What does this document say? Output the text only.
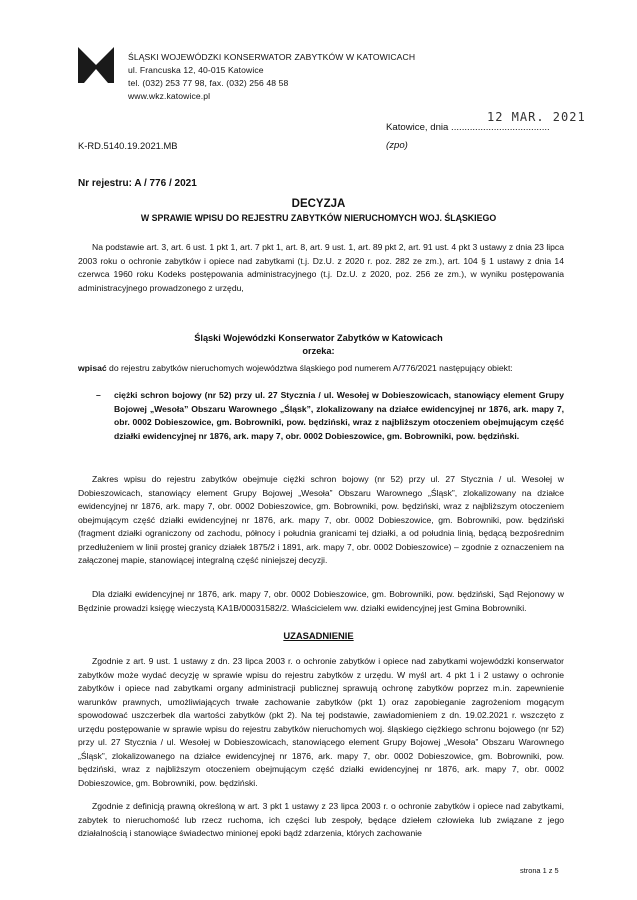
ŚLĄSKI WOJEWÓDZKI KONSERWATOR ZABYTKÓW W KATOWICACH
ul. Francuska 12, 40-015 Katowice
tel. (032) 253 77 98, fax. (032) 256 48 58
www.wkz.katowice.pl
12 MAR. 2021
Katowice, dnia .....................................
K-RD.5140.19.2021.MB	(zpo)
Nr rejestru: A / 776 / 2021
DECYZJA
W SPRAWIE WPISU DO REJESTRU ZABYTKÓW NIERUCHOMYCH WOJ. ŚLĄSKIEGO
Na podstawie art. 3, art. 6 ust. 1 pkt 1, art. 7 pkt 1, art. 8, art. 9 ust. 1, art. 89 pkt 2, art. 91 ust. 4 pkt 3 ustawy z dnia 23 lipca 2003 roku o ochronie zabytków i opiece nad zabytkami (t.j. Dz.U. z 2020 r. poz. 282 ze zm.), art. 104 § 1 ustawy z dnia 14 czerwca 1960 roku Kodeks postępowania administracyjnego (t.j. Dz.U. z 2020, poz. 256 ze zm.), w wyniku postępowania administracyjnego prowadzonego z urzędu,
Śląski Wojewódzki Konserwator Zabytków w Katowicach
orzeka:
wpisać do rejestru zabytków nieruchomych województwa śląskiego pod numerem A/776/2021 następujący obiekt:
–	ciężki schron bojowy (nr 52) przy ul. 27 Stycznia / ul. Wesołej w Dobieszowicach, stanowiący element Grupy Bojowej „Wesoła” Obszaru Warownego „Śląsk”, zlokalizowany na działce ewidencyjnej nr 1876, ark. mapy 7, obr. 0002 Dobieszowice, gm. Bobrowniki, pow. będziński, wraz z najbliższym otoczeniem obejmującym część działki ewidencyjnej nr 1876, ark. mapy 7, obr. 0002 Dobieszowice, gm. Bobrowniki, pow. będziński.
Zakres wpisu do rejestru zabytków obejmuje ciężki schron bojowy (nr 52) przy ul. 27 Stycznia / ul. Wesołej w Dobieszowicach, stanowiący element Grupy Bojowej „Wesoła” Obszaru Warownego „Śląsk”, zlokalizowany na działce ewidencyjnej nr 1876, ark. mapy 7, obr. 0002 Dobieszowice, gm. Bobrowniki, pow. będziński, wraz z najbliższym otoczeniem obejmującym część działki ewidencyjnej nr 1876, ark. mapy 7, obr. 0002 Dobieszowice, gm. Bobrowniki, pow. będziński (fragment działki ograniczony od zachodu, północy i południa granicami tej działki, a od południa linią, będącą bezpośrednim przedłużeniem w linii prostej granicy działek 1875/2 i 1891, ark. mapy 7, obr. 0002 Dobieszowice) – zgodnie z oznaczeniem na załączonej mapie, stanowiącej integralną część niniejszej decyzji.
Dla działki ewidencyjnej nr 1876, ark. mapy 7, obr. 0002 Dobieszowice, gm. Bobrowniki, pow. będziński, Sąd Rejonowy w Będzinie prowadzi księgę wieczystą KA1B/00031582/2. Właścicielem ww. działki ewidencyjnej jest Gmina Bobrowniki.
UZASADNIENIE
Zgodnie z art. 9 ust. 1 ustawy z dn. 23 lipca 2003 r. o ochronie zabytków i opiece nad zabytkami wojewódzki konserwator zabytków może wydać decyzję w sprawie wpisu do rejestru zabytków z urzędu. W myśl art. 4 pkt 1 i 2 ustawy o ochronie zabytków i opiece nad zabytkami organy administracji publicznej sprawują ochronę zabytków poprzez m.in. zapewnienie warunków prawnych, umożliwiających trwałe zachowanie zabytków (pkt 1) oraz zapobieganie zagrożeniom mogącym spowodować uszczerbek dla wartości zabytków (pkt 2). Na tej podstawie, zawiadomieniem z dn. 19.02.2021 r. wszczęto z urzędu postępowanie w sprawie wpisu do rejestru zabytków nieruchomych woj. śląskiego ciężkiego schronu bojowego (nr 52) przy ul. 27 Stycznia / ul. Wesołej w Dobieszowicach, stanowiącego element Grupy Bojowej „Wesoła” Obszaru Warownego „Śląsk”, zlokalizowanego na działce ewidencyjnej nr 1876, ark. mapy 7, obr. 0002 Dobieszowice, gm. Bobrowniki, pow. będziński, wraz z najbliższym otoczeniem obejmującym część działki ewidencyjnej nr 1876, ark. mapy 7, obr. 0002 Dobieszowice, gm. Bobrowniki, pow. będziński.
Zgodnie z definicją prawną określoną w art. 3 pkt 1 ustawy z 23 lipca 2003 r. o ochronie zabytków i opiece nad zabytkami, zabytek to nieruchomość lub rzecz ruchoma, ich części lub zespoły, będące dziełem człowieka lub związane z jego działalnością i stanowiące świadectwo minionej epoki bądź zdarzenia, których zachowanie
strona 1 z 5
